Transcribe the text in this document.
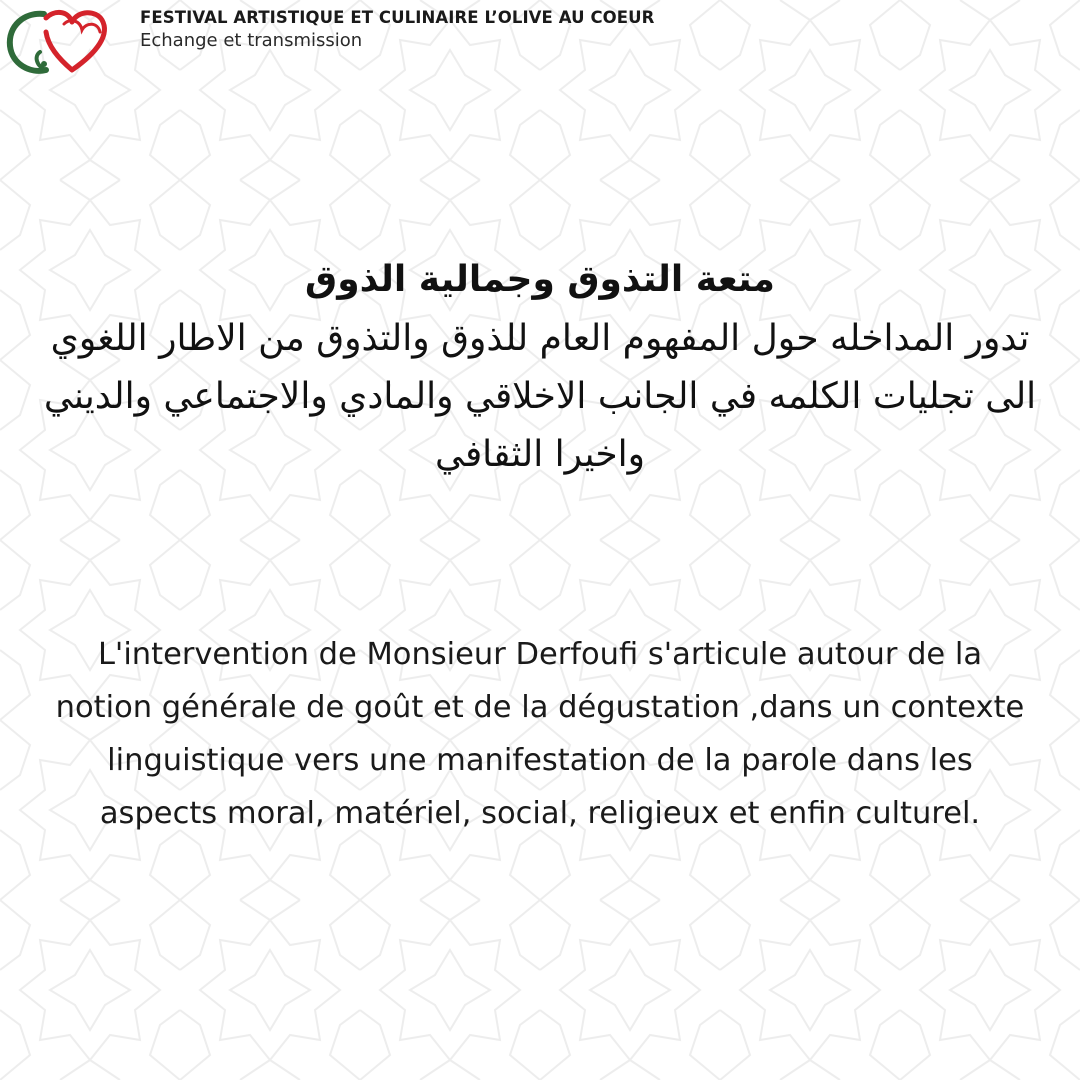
FESTIVAL ARTISTIQUE ET CULINAIRE L’OLIVE AU COEUR
Echange et transmission
متعة التذوق وجمالية الذوق
تدور المداخله حول المفهوم العام للذوق والتذوق من الاطار اللغوي الى تجليات الكلمه في الجانب الاخلاقي والمادي والاجتماعي والديني واخيرا الثقافي
L'intervention de Monsieur Derfoufi s'articule autour de la notion générale de goût et de la dégustation ,dans un contexte linguistique vers une manifestation de la parole dans les aspects moral, matériel, social, religieux et enfin culturel.
